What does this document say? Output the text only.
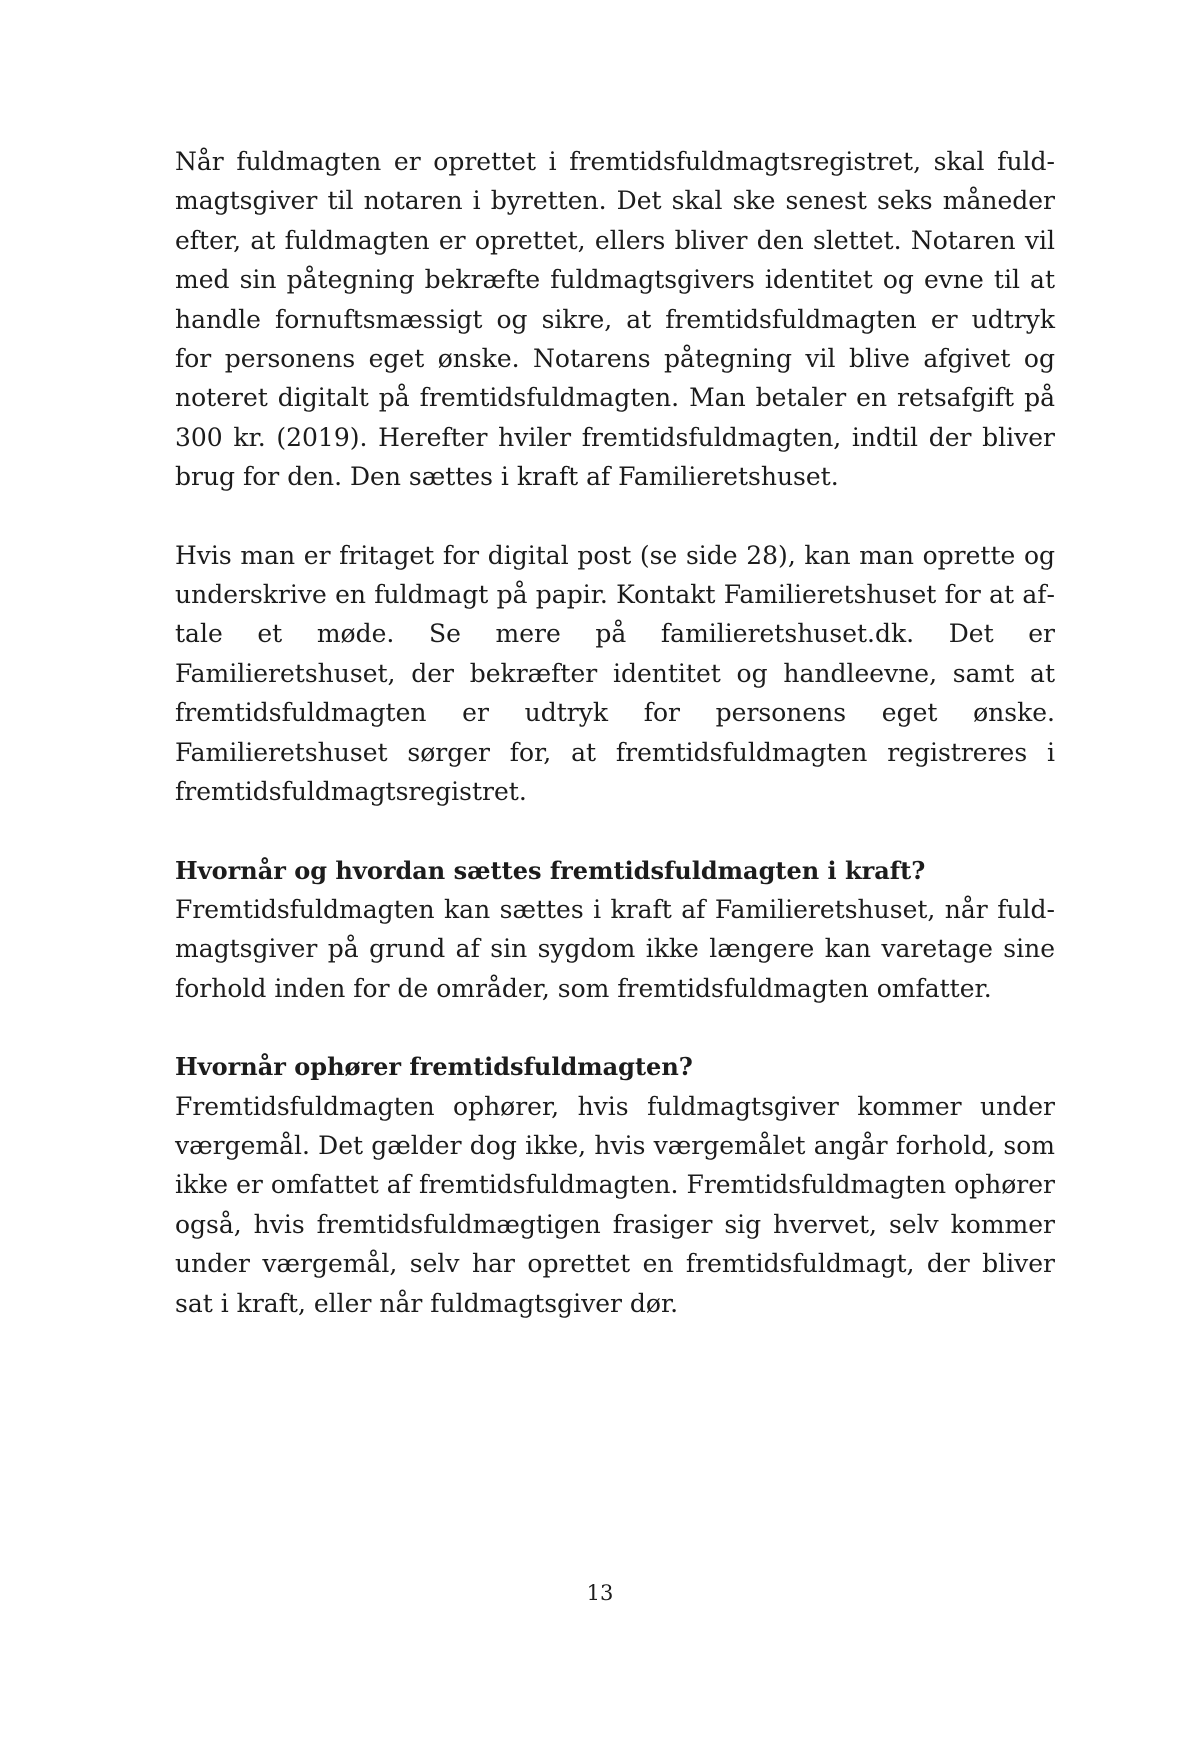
Når fuldmagten er oprettet i fremtidsfuldmagtsregistret, skal fuldmagtsgiver til notaren i byretten. Det skal ske senest seks måneder efter, at fuldmagten er oprettet, ellers bliver den slettet. Notaren vil med sin påtegning bekræfte fuldmagtsgivers identitet og evne til at handle fornuftsmæssigt og sikre, at fremtidsfuldmagten er udtryk for personens eget ønske. Notarens påtegning vil blive afgivet og noteret digitalt på fremtidsfuldmagten. Man betaler en retsafgift på 300 kr. (2019). Herefter hviler fremtidsfuldmagten, indtil der bliver brug for den. Den sættes i kraft af Familieretshuset.

Hvis man er fritaget for digital post (se side 28), kan man oprette og underskrive en fuldmagt på papir. Kontakt Familieretshuset for at aftale et møde. Se mere på familieretshuset.dk. Det er Familieretshuset, der bekræfter identitet og handleevne, samt at fremtidsfuldmagten er udtryk for personens eget ønske. Familieretshuset sørger for, at fremtidsfuldmagten registreres i fremtidsfuldmagtsregistret.

Hvornår og hvordan sættes fremtidsfuldmagten i kraft?

Fremtidsfuldmagten kan sættes i kraft af Familieretshuset, når fuldmagtsgiver på grund af sin sygdom ikke længere kan varetage sine forhold inden for de områder, som fremtidsfuldmagten omfatter.

Hvornår ophører fremtidsfuldmagten?

Fremtidsfuldmagten ophører, hvis fuldmagtsgiver kommer under værgemål. Det gælder dog ikke, hvis værgemålet angår forhold, som ikke er omfattet af fremtidsfuldmagten. Fremtidsfuldmagten ophører også, hvis fremtidsfuldmægtigen frasiger sig hvervet, selv kommer under værgemål, selv har oprettet en fremtidsfuldmagt, der bliver sat i kraft, eller når fuldmagtsgiver dør.

13
